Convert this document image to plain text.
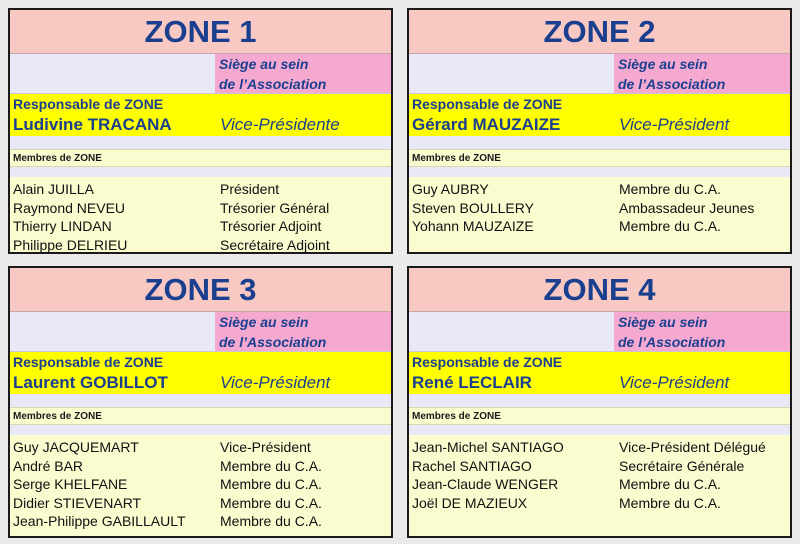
ZONE 1
Siège au sein
de l’Association
Responsable de ZONE
Ludivine TRACANA	Vice-Présidente
Membres de ZONE
Alain JUILLA	Président
Raymond NEVEU	Trésorier Général
Thierry LINDAN	Trésorier Adjoint
Philippe DELRIEU	Secrétaire Adjoint
ZONE 2
Siège au sein
de l’Association
Responsable de ZONE
Gérard MAUZAIZE	Vice-Président
Membres de ZONE
Guy AUBRY	Membre du C.A.
Steven BOULLERY	Ambassadeur Jeunes
Yohann MAUZAIZE	Membre du C.A.
ZONE 3
Siège au sein
de l’Association
Responsable de ZONE
Laurent GOBILLOT	Vice-Président
Membres de ZONE
Guy JACQUEMART	Vice-Président
André BAR	Membre du C.A.
Serge KHELFANE	Membre du C.A.
Didier STIEVENART	Membre du C.A.
Jean-Philippe GABILLAULT Membre du C.A.
ZONE 4
Siège au sein
de l’Association
Responsable de ZONE
René LECLAIR	Vice-Président
Membres de ZONE
Jean-Michel SANTIAGO	Vice-Président Délégué
Rachel SANTIAGO	Secrétaire Générale
Jean-Claude WENGER	Membre du C.A.
Joël DE MAZIEUX	Membre du C.A.
